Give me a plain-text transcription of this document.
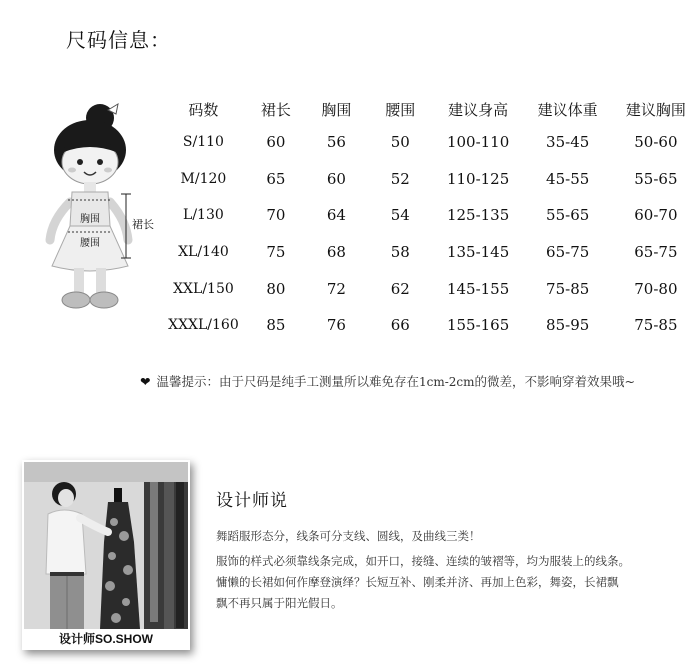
尺码信息：
胸围
腰围
裙长
码数	裙长	胸围	腰围	建议身高	建议体重	建议胸围
S/110	60	56	50	100-110	35-45	50-60
M/120	65	60	52	110-125	45-55	55-65
L/130	70	64	54	125-135	55-65	60-70
XL/140	75	68	58	135-145	65-75	65-75
XXL/150	80	72	62	145-155	75-85	70-80
XXXL/160	85	76	66	155-165	85-95	75-85
❤ 温馨提示：由于尺码是纯手工测量所以难免存在1cm-2cm的微差，不影响穿着效果哦~
设计师SO.SHOW
设计师说
舞蹈服形态分，线条可分支线、圆线，及曲线三类！
服饰的样式必须靠线条完成，如开口，接缝、连续的皱褶等，均为服装上的线条。
慵懒的长裙如何作摩登演绎？长短互补、刚柔并济、再加上色彩，舞姿，长裙飘
飘不再只属于阳光假日。
